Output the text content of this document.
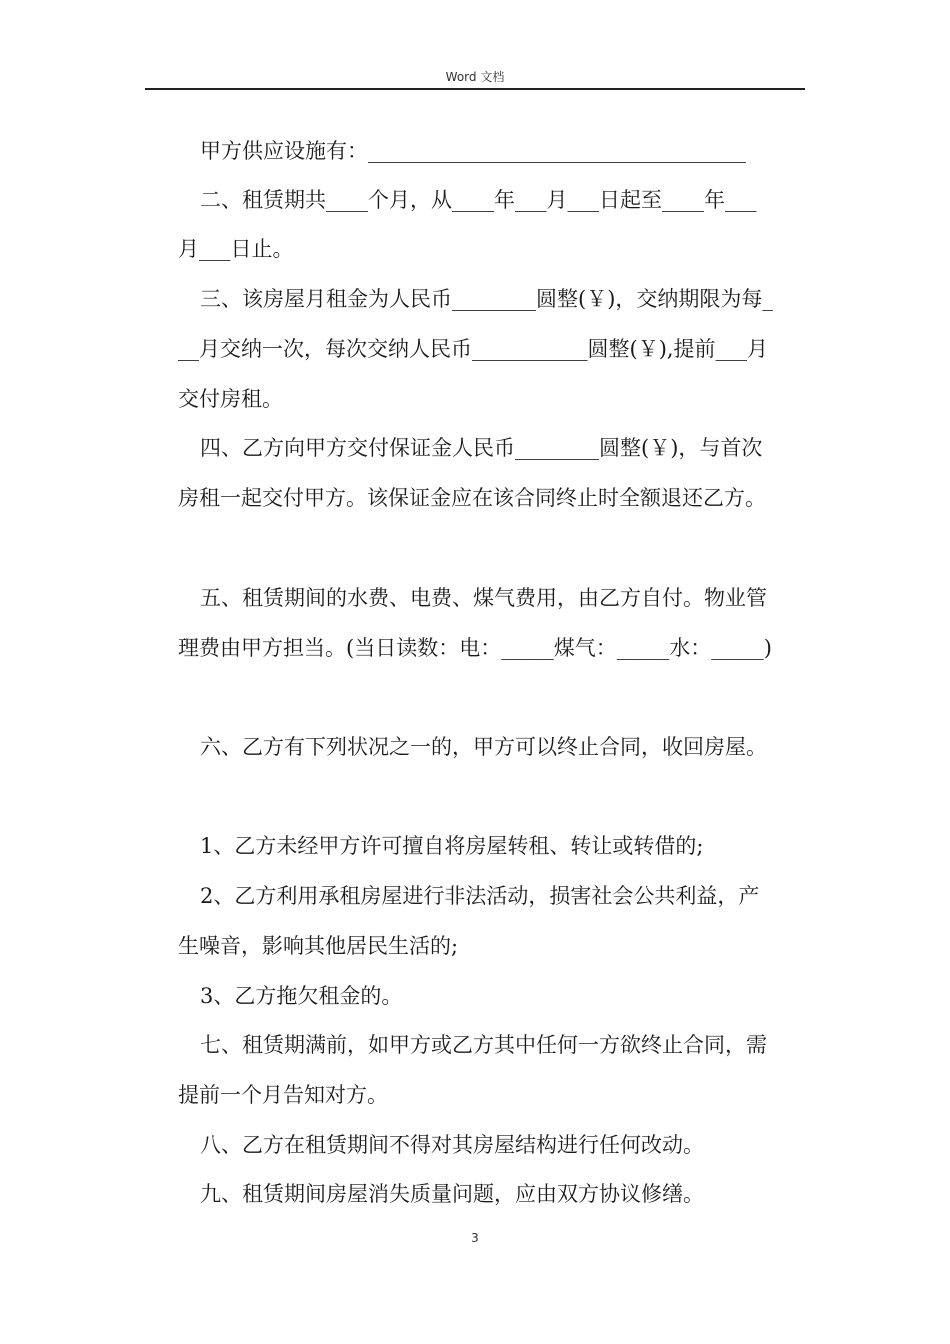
Word 文档
甲方供应设施有：____________________________________
二、租赁期共____个月，从____年___月___日起至____年___
月___日止。
三、该房屋月租金为人民币________圆整(￥)，交纳期限为每_
__月交纳一次，每次交纳人民币___________圆整(￥),提前___月
交付房租。
四、乙方向甲方交付保证金人民币________圆整(￥)，与首次
房租一起交付甲方。该保证金应在该合同终止时全额退还乙方。
五、租赁期间的水费、电费、煤气费用，由乙方自付。物业管
理费由甲方担当。(当日读数：电：_____煤气：_____水：_____)
六、乙方有下列状况之一的，甲方可以终止合同，收回房屋。
1、乙方未经甲方许可擅自将房屋转租、转让或转借的;
2、乙方利用承租房屋进行非法活动，损害社会公共利益，产
生噪音，影响其他居民生活的;
3、乙方拖欠租金的。
七、租赁期满前，如甲方或乙方其中任何一方欲终止合同，需
提前一个月告知对方。
八、乙方在租赁期间不得对其房屋结构进行任何改动。
九、租赁期间房屋消失质量问题，应由双方协议修缮。
3
